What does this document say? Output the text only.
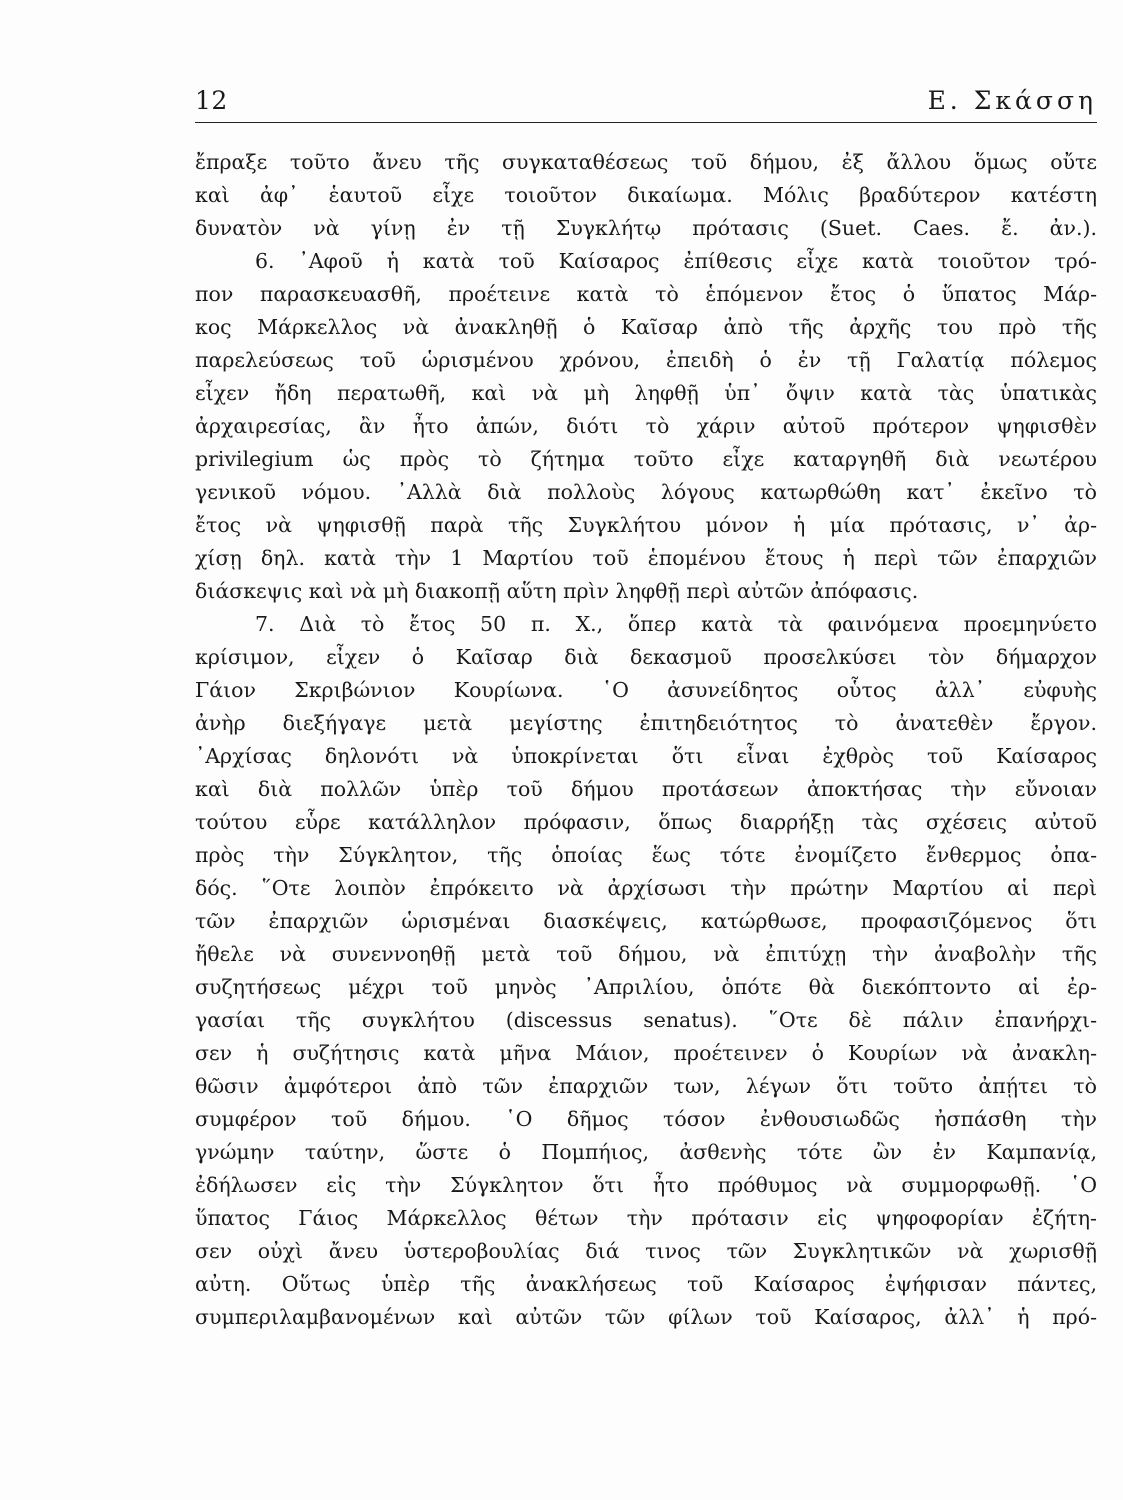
12	Ε. Σκάσση
ἔπραξε τοῦτο ἄνευ τῆς συγκαταθέσεως τοῦ δήμου, ἐξ ἄλλου ὅμως οὔτε
καὶ ἀφ᾽ ἑαυτοῦ εἶχε τοιοῦτον δικαίωμα. Μόλις βραδύτερον κατέστη
δυνατὸν νὰ γίνῃ ἐν τῇ Συγκλήτῳ πρότασις (Suet. Caes. ἔ. ἀν.).
6. ᾽Αφοῦ ἡ κατὰ τοῦ Καίσαρος ἐπίθεσις εἶχε κατὰ τοιοῦτον τρό-
πον παρασκευασθῆ, προέτεινε κατὰ τὸ ἑπόμενον ἔτος ὁ ὕπατος Μάρ-
κος Μάρκελλος νὰ ἀνακληθῇ ὁ Καῖσαρ ἀπὸ τῆς ἀρχῆς του πρὸ τῆς
παρελεύσεως τοῦ ὡρισμένου χρόνου, ἐπειδὴ ὁ ἐν τῇ Γαλατίᾳ πόλεμος
εἶχεν ἤδη περατωθῆ, καὶ νὰ μὴ ληφθῇ ὑπ᾽ ὄψιν κατὰ τὰς ὑπατικὰς
ἀρχαιρεσίας, ἂν ἦτο ἀπών, διότι τὸ χάριν αὐτοῦ πρότερον ψηφισθὲν
privilegium ὡς πρὸς τὸ ζήτημα τοῦτο εἶχε καταργηθῆ διὰ νεωτέρου
γενικοῦ νόμου. ᾽Αλλὰ διὰ πολλοὺς λόγους κατωρθώθη κατ᾽ ἐκεῖνο τὸ
ἔτος νὰ ψηφισθῇ παρὰ τῆς Συγκλήτου μόνον ἡ μία πρότασις, ν᾽ ἀρ-
χίσῃ δηλ. κατὰ τὴν 1 Μαρτίου τοῦ ἑπομένου ἔτους ἡ περὶ τῶν ἐπαρχιῶν
διάσκεψις καὶ νὰ μὴ διακοπῇ αὕτη πρὶν ληφθῇ περὶ αὐτῶν ἀπόφασις.
7. Διὰ τὸ ἔτος 50 π. Χ., ὅπερ κατὰ τὰ φαινόμενα προεμηνύετο
κρίσιμον, εἶχεν ὁ Καῖσαρ διὰ δεκασμοῦ προσελκύσει τὸν δήμαρχον
Γάιον Σκριβώνιον Κουρίωνα. ῾Ο ἀσυνείδητος οὗτος ἀλλ᾽ εὐφυὴς
ἀνὴρ διεξήγαγε μετὰ μεγίστης ἐπιτηδειότητος τὸ ἀνατεθὲν ἔργον.
᾽Αρχίσας δηλονότι νὰ ὑποκρίνεται ὅτι εἶναι ἐχθρὸς τοῦ Καίσαρος
καὶ διὰ πολλῶν ὑπὲρ τοῦ δήμου προτάσεων ἀποκτήσας τὴν εὔνοιαν
τούτου εὗρε κατάλληλον πρόφασιν, ὅπως διαρρήξῃ τὰς σχέσεις αὐτοῦ
πρὸς τὴν Σύγκλητον, τῆς ὁποίας ἕως τότε ἐνομίζετο ἔνθερμος ὀπα-
δός. ῞Οτε λοιπὸν ἐπρόκειτο νὰ ἀρχίσωσι τὴν πρώτην Μαρτίου αἱ περὶ
τῶν ἐπαρχιῶν ὡρισμέναι διασκέψεις, κατώρθωσε, προφασιζόμενος ὅτι
ἤθελε νὰ συνεννοηθῇ μετὰ τοῦ δήμου, νὰ ἐπιτύχῃ τὴν ἀναβολὴν τῆς
συζητήσεως μέχρι τοῦ μηνὸς ᾽Απριλίου, ὁπότε θὰ διεκόπτοντο αἱ ἐρ-
γασίαι τῆς συγκλήτου (discessus senatus). ῞Οτε δὲ πάλιν ἐπανήρχι-
σεν ἡ συζήτησις κατὰ μῆνα Μάιον, προέτεινεν ὁ Κουρίων νὰ ἀνακλη-
θῶσιν ἀμφότεροι ἀπὸ τῶν ἐπαρχιῶν των, λέγων ὅτι τοῦτο ἀπῄτει τὸ
συμφέρον τοῦ δήμου. ῾Ο δῆμος τόσον ἐνθουσιωδῶς ἠσπάσθη τὴν
γνώμην ταύτην, ὥστε ὁ Πομπήιος, ἀσθενὴς τότε ὢν ἐν Καμπανίᾳ,
ἐδήλωσεν εἰς τὴν Σύγκλητον ὅτι ἦτο πρόθυμος νὰ συμμορφωθῇ. ῾Ο
ὕπατος Γάιος Μάρκελλος θέτων τὴν πρότασιν εἰς ψηφοφορίαν ἐζήτη-
σεν οὐχὶ ἄνευ ὑστεροβουλίας διά τινος τῶν Συγκλητικῶν νὰ χωρισθῇ
αὐτη. Οὕτως ὑπὲρ τῆς ἀνακλήσεως τοῦ Καίσαρος ἐψήφισαν πάντες,
συμπεριλαμβανομένων καὶ αὐτῶν τῶν φίλων τοῦ Καίσαρος, ἀλλ᾽ ἡ πρό-
